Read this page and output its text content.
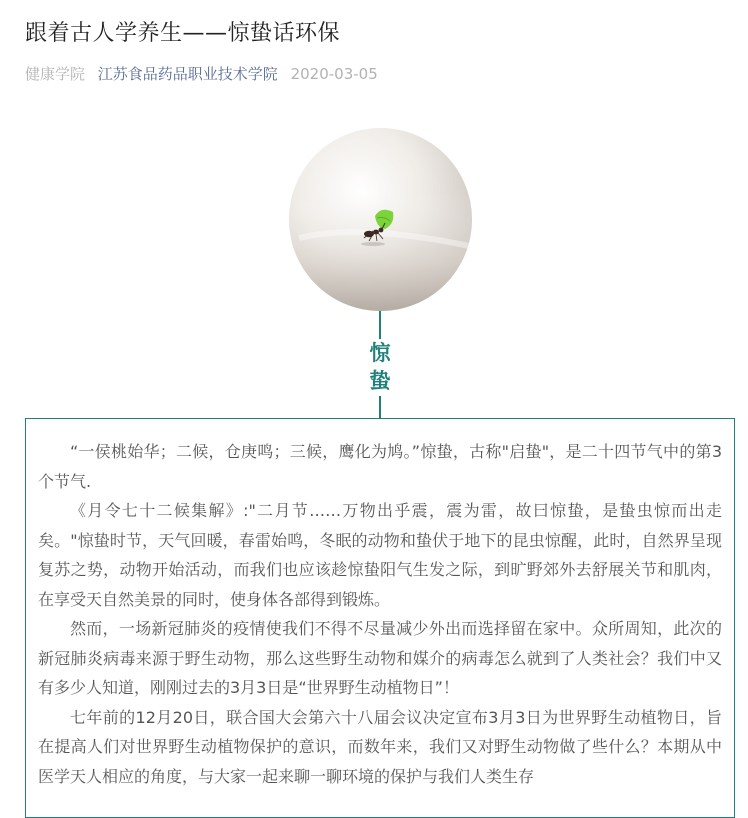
跟着古人学养生——惊蛰话环保
健康学院 江苏食品药品职业技术学院 2020-03-05
惊
蛰

“一侯桃始华；二候，仓庚鸣；三候，鹰化为鸠。”惊蛰，古称"启蛰"，是二十四节气中的第3个节气.

《月令七十二候集解》:"二月节……万物出乎震，震为雷，故曰惊蛰，是蛰虫惊而出走矣。"惊蛰时节，天气回暖，春雷始鸣，冬眠的动物和蛰伏于地下的昆虫惊醒，此时，自然界呈现复苏之势，动物开始活动，而我们也应该趁惊蛰阳气生发之际，到旷野郊外去舒展关节和肌肉，在享受天自然美景的同时，使身体各部得到锻炼。

然而，一场新冠肺炎的疫情使我们不得不尽量减少外出而选择留在家中。众所周知，此次的新冠肺炎病毒来源于野生动物，那么这些野生动物和媒介的病毒怎么就到了人类社会？我们中又有多少人知道，刚刚过去的3月3日是“世界野生动植物日”！

七年前的12月20日，联合国大会第六十八届会议决定宣布3月3日为世界野生动植物日，旨在提高人们对世界野生动植物保护的意识，而数年来，我们又对野生动物做了些什么？本期从中医学天人相应的角度，与大家一起来聊一聊环境的保护与我们人类生存
